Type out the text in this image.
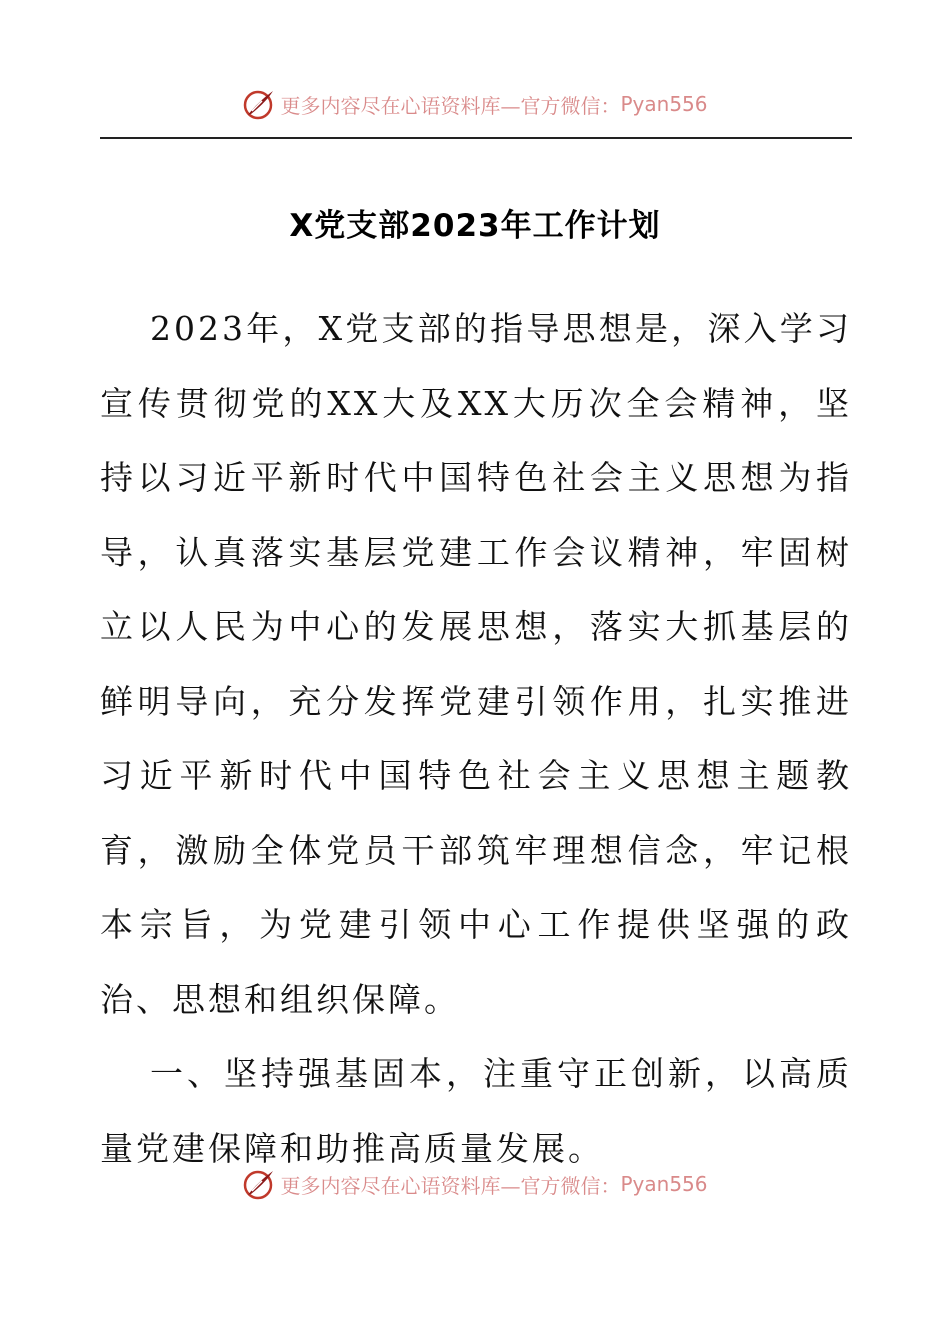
更多内容尽在心语资料库—官方微信： Pyan556
X党支部2023年工作计划

2023年，X党支部的指导思想是，深入学习宣传贯彻党的XX大及XX大历次全会精神，坚持以习近平新时代中国特色社会主义思想为指导，认真落实基层党建工作会议精神，牢固树立以人民为中心的发展思想，落实大抓基层的鲜明导向，充分发挥党建引领作用，扎实推进习近平新时代中国特色社会主义思想主题教育，激励全体党员干部筑牢理想信念，牢记根本宗旨，为党建引领中心工作提供坚强的政治、思想和组织保障。

一、坚持强基固本，注重守正创新，以高质量党建保障和助推高质量发展。

更多内容尽在心语资料库—官方微信： Pyan556
